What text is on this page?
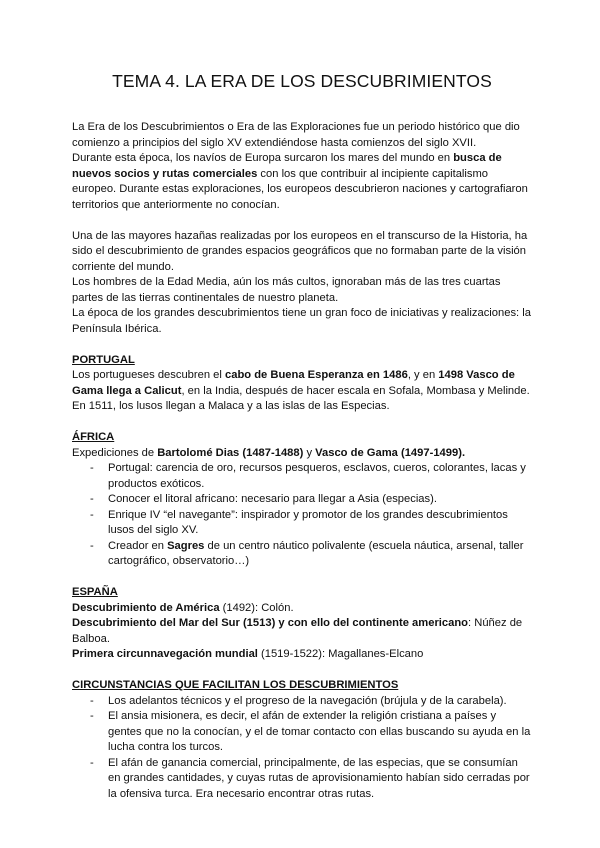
TEMA 4. LA ERA DE LOS DESCUBRIMIENTOS

La Era de los Descubrimientos o Era de las Exploraciones fue un periodo histórico que dio comienzo a principios del siglo XV extendiéndose hasta comienzos del siglo XVII.

Durante esta época, los navíos de Europa surcaron los mares del mundo en busca de nuevos socios y rutas comerciales con los que contribuir al incipiente capitalismo europeo. Durante estas exploraciones, los europeos descubrieron naciones y cartografiaron territorios que anteriormente no conocían.

Una de las mayores hazañas realizadas por los europeos en el transcurso de la Historia, ha sido el descubrimiento de grandes espacios geográficos que no formaban parte de la visión corriente del mundo.

Los hombres de la Edad Media, aún los más cultos, ignoraban más de las tres cuartas partes de las tierras continentales de nuestro planeta.

La época de los grandes descubrimientos tiene un gran foco de iniciativas y realizaciones: la Península Ibérica.

PORTUGAL

Los portugueses descubren el cabo de Buena Esperanza en 1486, y en 1498 Vasco de Gama llega a Calicut, en la India, después de hacer escala en Sofala, Mombasa y Melinde. En 1511, los lusos llegan a Malaca y a las islas de las Especias.

ÁFRICA

Expediciones de Bartolomé Dias (1487-1488) y Vasco de Gama (1497-1499).

- Portugal: carencia de oro, recursos pesqueros, esclavos, cueros, colorantes, lacas y productos exóticos.
- Conocer el litoral africano: necesario para llegar a Asia (especias).
- Enrique IV “el navegante”: inspirador y promotor de los grandes descubrimientos lusos del siglo XV.
- Creador en Sagres de un centro náutico polivalente (escuela náutica, arsenal, taller cartográfico, observatorio…)

ESPAÑA

Descubrimiento de América (1492): Colón.

Descubrimiento del Mar del Sur (1513) y con ello del continente americano: Núñez de Balboa.

Primera circunnavegación mundial (1519-1522): Magallanes-Elcano

CIRCUNSTANCIAS QUE FACILITAN LOS DESCUBRIMIENTOS

- Los adelantos técnicos y el progreso de la navegación (brújula y de la carabela).
- El ansia misionera, es decir, el afán de extender la religión cristiana a países y gentes que no la conocían, y el de tomar contacto con ellas buscando su ayuda en la lucha contra los turcos.
- El afán de ganancia comercial, principalmente, de las especias, que se consumían en grandes cantidades, y cuyas rutas de aprovisionamiento habían sido cerradas por la ofensiva turca. Era necesario encontrar otras rutas.
